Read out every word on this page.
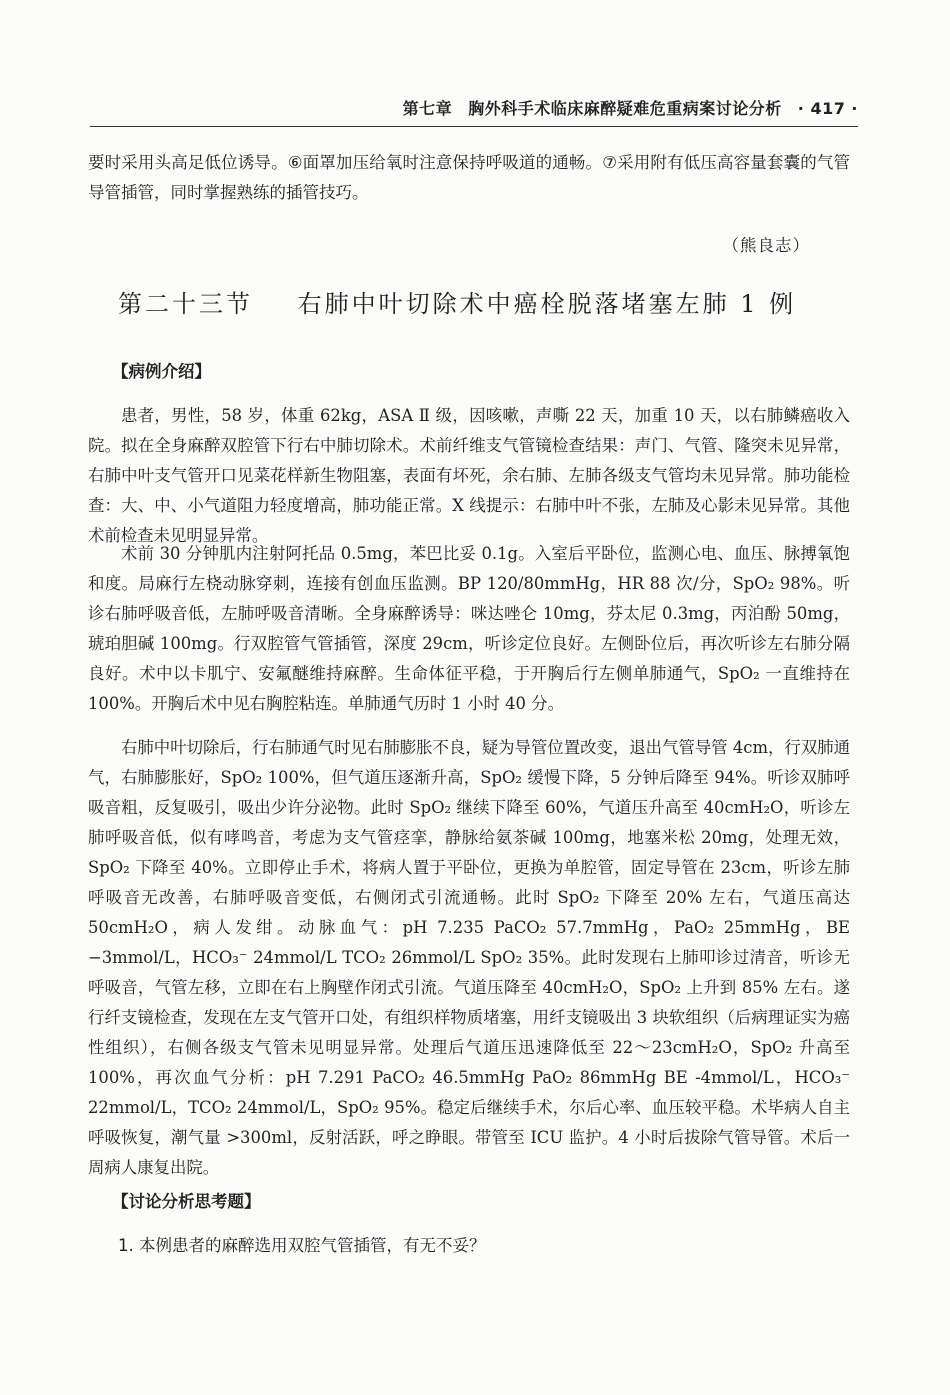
第七章 胸外科手术临床麻醉疑难危重病案讨论分析 · 417 ·
要时采用头高足低位诱导。⑥面罩加压给氧时注意保持呼吸道的通畅。⑦采用附有低压高容量套囊的气管导管插管，同时掌握熟练的插管技巧。
（熊良志）
第二十三节 右肺中叶切除术中癌栓脱落堵塞左肺 1 例
【病例介绍】
患者，男性，58 岁，体重 62kg，ASA Ⅱ 级，因咳嗽，声嘶 22 天，加重 10 天，以右肺鳞癌收入院。拟在全身麻醉双腔管下行右中肺切除术。术前纤维支气管镜检查结果：声门、气管、隆突未见异常，右肺中叶支气管开口见菜花样新生物阻塞，表面有坏死，余右肺、左肺各级支气管均未见异常。肺功能检查：大、中、小气道阻力轻度增高，肺功能正常。X 线提示：右肺中叶不张，左肺及心影未见异常。其他术前检查未见明显异常。
术前 30 分钟肌内注射阿托品 0.5mg，苯巴比妥 0.1g。入室后平卧位，监测心电、血压、脉搏氧饱和度。局麻行左桡动脉穿刺，连接有创血压监测。BP 120/80mmHg，HR 88 次/分，SpO₂ 98%。听诊右肺呼吸音低，左肺呼吸音清晰。全身麻醉诱导：咪达唑仑 10mg，芬太尼 0.3mg，丙泊酚 50mg，琥珀胆碱 100mg。行双腔管气管插管，深度 29cm，听诊定位良好。左侧卧位后，再次听诊左右肺分隔良好。术中以卡肌宁、安氟醚维持麻醉。生命体征平稳，于开胸后行左侧单肺通气，SpO₂ 一直维持在 100%。开胸后术中见右胸腔粘连。单肺通气历时 1 小时 40 分。
右肺中叶切除后，行右肺通气时见右肺膨胀不良，疑为导管位置改变，退出气管导管 4cm，行双肺通气，右肺膨胀好，SpO₂ 100%，但气道压逐渐升高，SpO₂ 缓慢下降，5 分钟后降至 94%。听诊双肺呼吸音粗，反复吸引，吸出少许分泌物。此时 SpO₂ 继续下降至 60%，气道压升高至 40cmH₂O，听诊左肺呼吸音低，似有哮鸣音，考虑为支气管痉挛，静脉给氨茶碱 100mg，地塞米松 20mg，处理无效，SpO₂ 下降至 40%。立即停止手术，将病人置于平卧位，更换为单腔管，固定导管在 23cm，听诊左肺呼吸音无改善，右肺呼吸音变低，右侧闭式引流通畅。此时 SpO₂ 下降至 20% 左右，气道压高达 50cmH₂O，病人发绀。动脉血气：pH 7.235 PaCO₂ 57.7mmHg，PaO₂ 25mmHg，BE −3mmol/L，HCO₃⁻ 24mmol/L TCO₂ 26mmol/L SpO₂ 35%。此时发现右上肺叩诊过清音，听诊无呼吸音，气管左移，立即在右上胸壁作闭式引流。气道压降至 40cmH₂O，SpO₂ 上升到 85% 左右。遂行纤支镜检查，发现在左支气管开口处，有组织样物质堵塞，用纤支镜吸出 3 块软组织（后病理证实为癌性组织），右侧各级支气管未见明显异常。处理后气道压迅速降低至 22～23cmH₂O，SpO₂ 升高至 100%，再次血气分析：pH 7.291 PaCO₂ 46.5mmHg PaO₂ 86mmHg BE -4mmol/L，HCO₃⁻ 22mmol/L，TCO₂ 24mmol/L，SpO₂ 95%。稳定后继续手术，尔后心率、血压较平稳。术毕病人自主呼吸恢复，潮气量 >300ml，反射活跃，呼之睁眼。带管至 ICU 监护。4 小时后拔除气管导管。术后一周病人康复出院。
【讨论分析思考题】
1. 本例患者的麻醉选用双腔气管插管，有无不妥？
